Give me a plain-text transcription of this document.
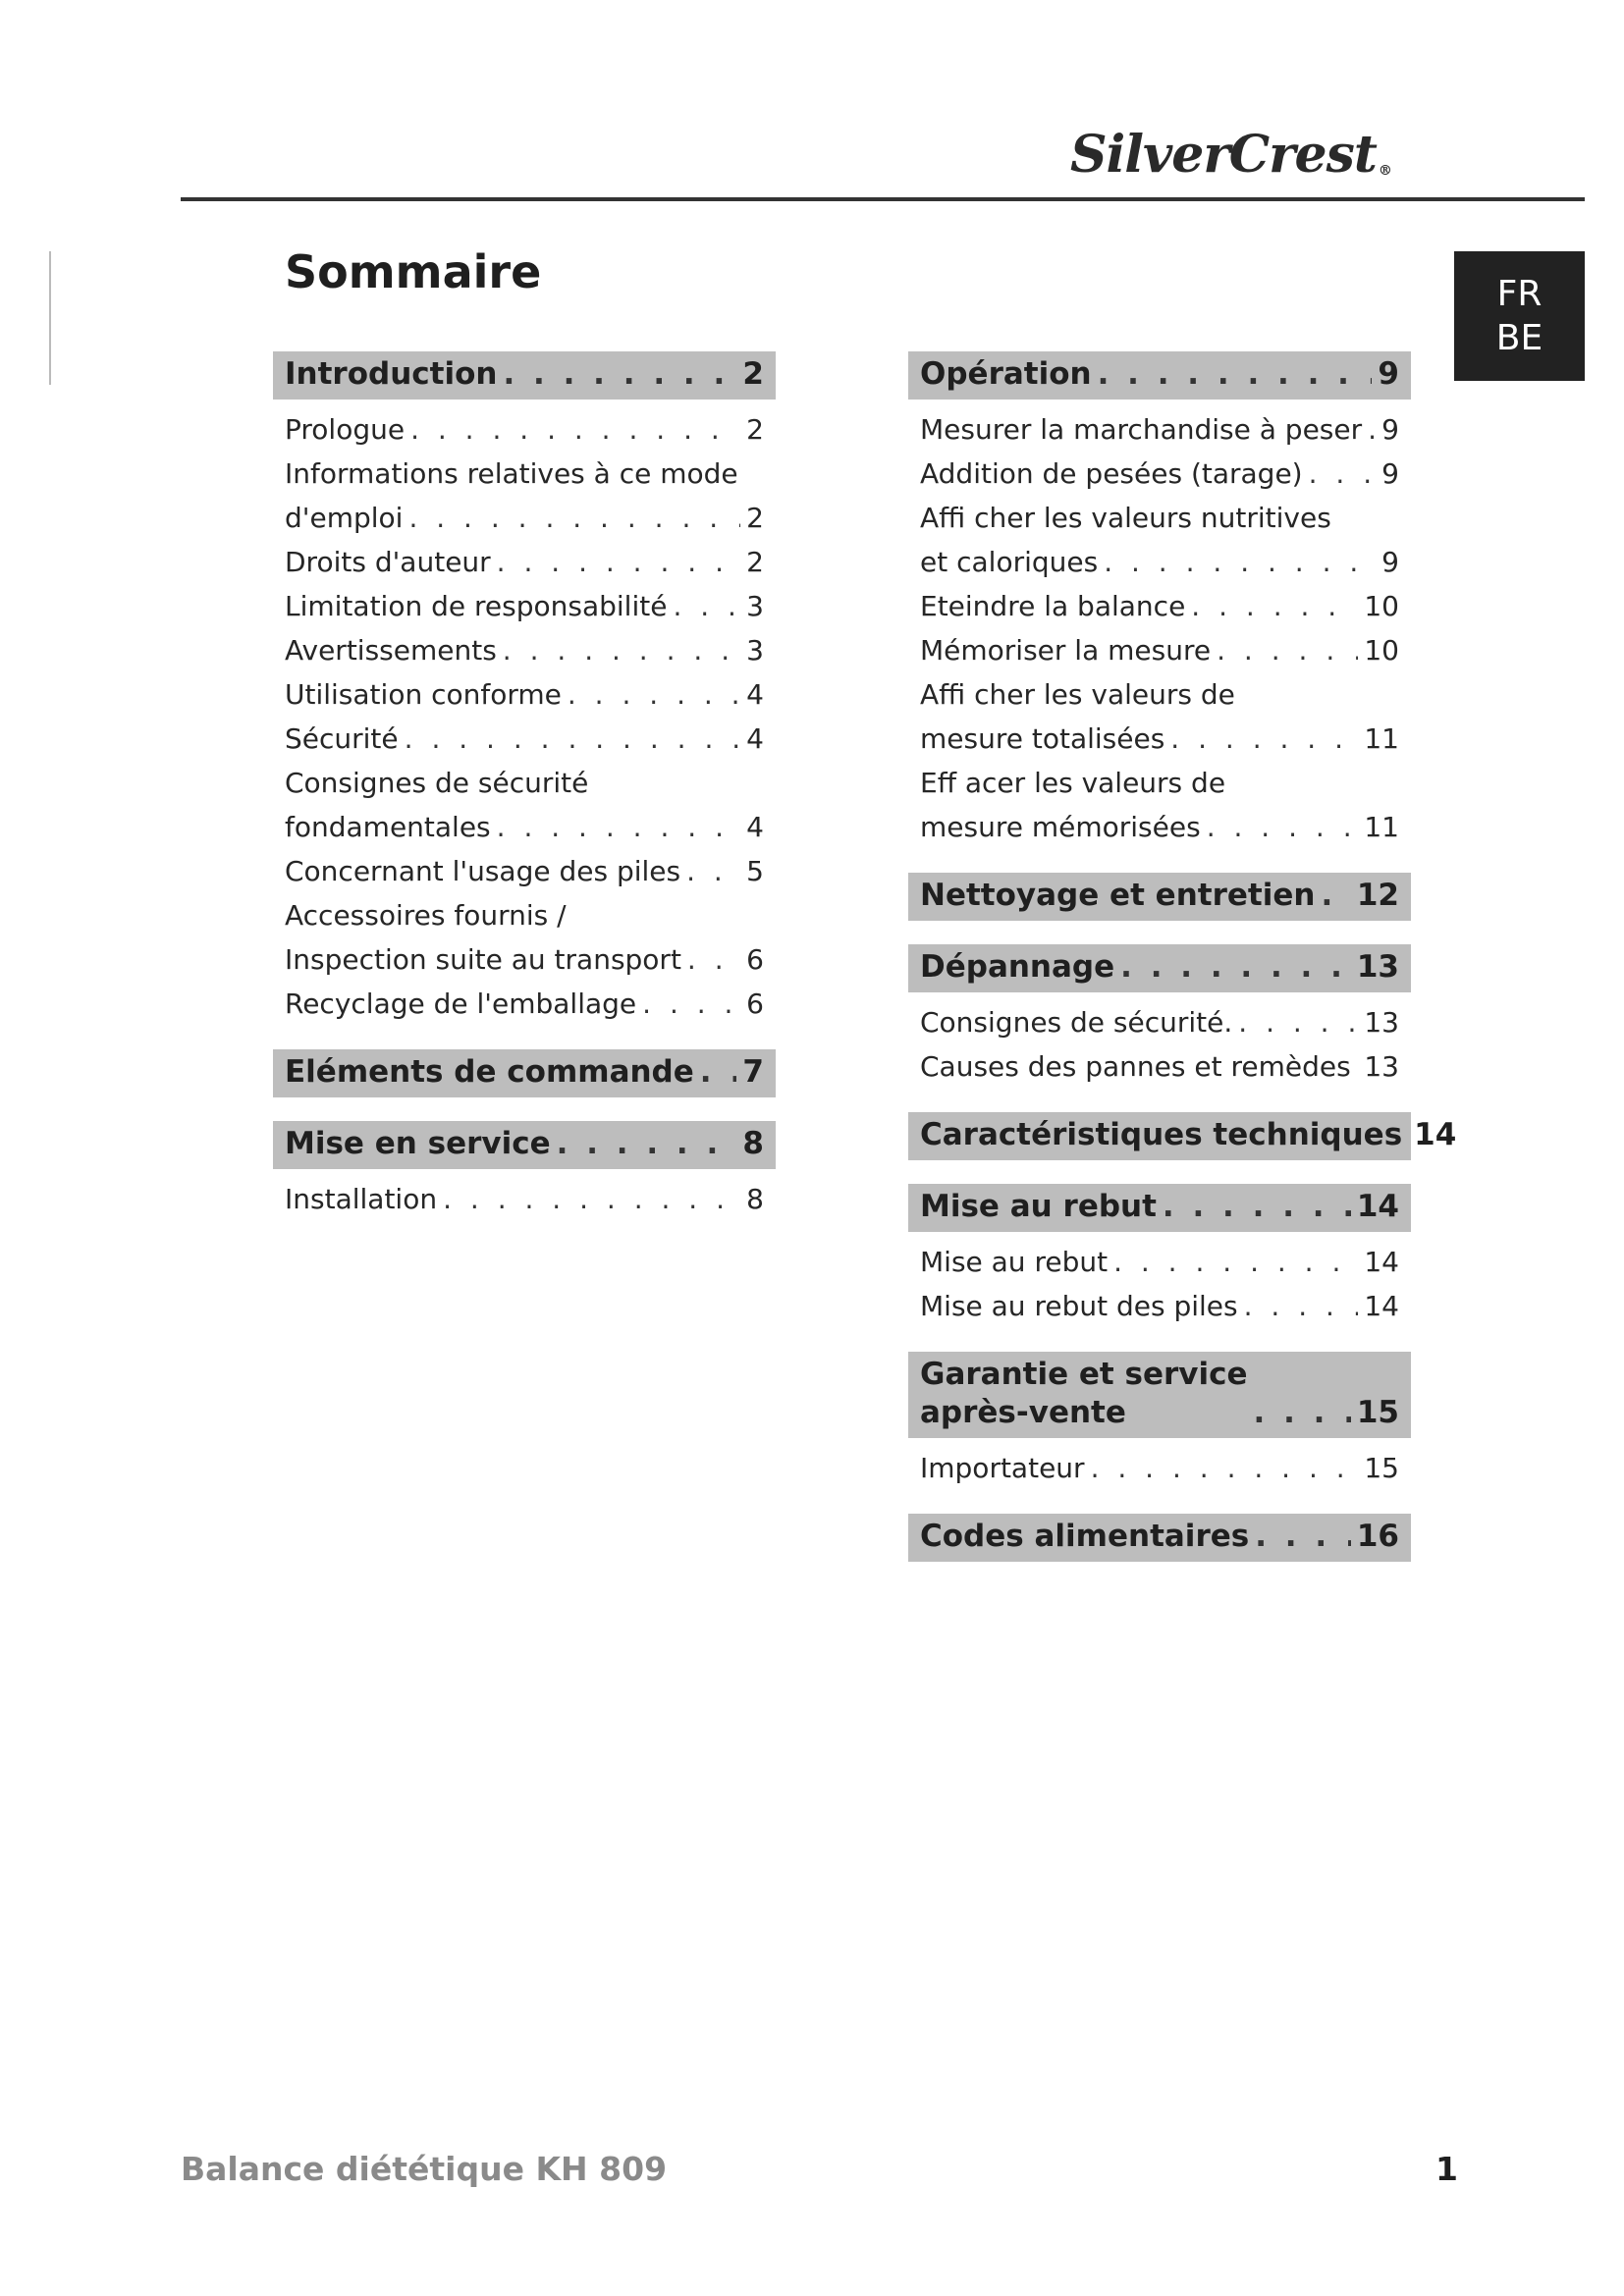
SilverCrest ®
FR
BE
Sommaire
Introduction . . .	2
Prologue . . .	2
Informations relatives à ce mode
d'emploi . . .	2
Droits d'auteur . . .	2
Limitation de responsabilité . . .	3
Avertissements . . .	3
Utilisation conforme . . .	4
Sécurité . . .	4
Consignes de sécurité
fondamentales . . .	4
Concernant l'usage des piles . . . 5
Accessoires fournis /
Inspection suite au transport . . . 6
Recyclage de l'emballage . . .	6
Eléments de commande . . . 7
Mise en service . . .	8
Installation . . .	8
Opération . . .	9
Mesurer la marchandise à peser . . . 9
Addition de pesées (tarage) . . .	9
Affi cher les valeurs nutritives
et caloriques . . .	9
Eteindre la balance . . .	10
Mémoriser la mesure . . .	10
Affi cher les valeurs de
mesure totalisées . . .	11
Eff acer les valeurs de
mesure mémorisées . . .	11
Nettoyage et entretien . . . 12
Dépannage . . .	13
Consignes de sécurité. . . .	13
Causes des pannes et remèdes . . . 13
Caractéristiques techniques 14
Mise au rebut . . .	14
Mise au rebut . . .	14
Mise au rebut des piles . . .	14
Garantie et service
après-vente . . .	15
Importateur . . .	15
Codes alimentaires . . .	16
Balance diététique KH 809	1
